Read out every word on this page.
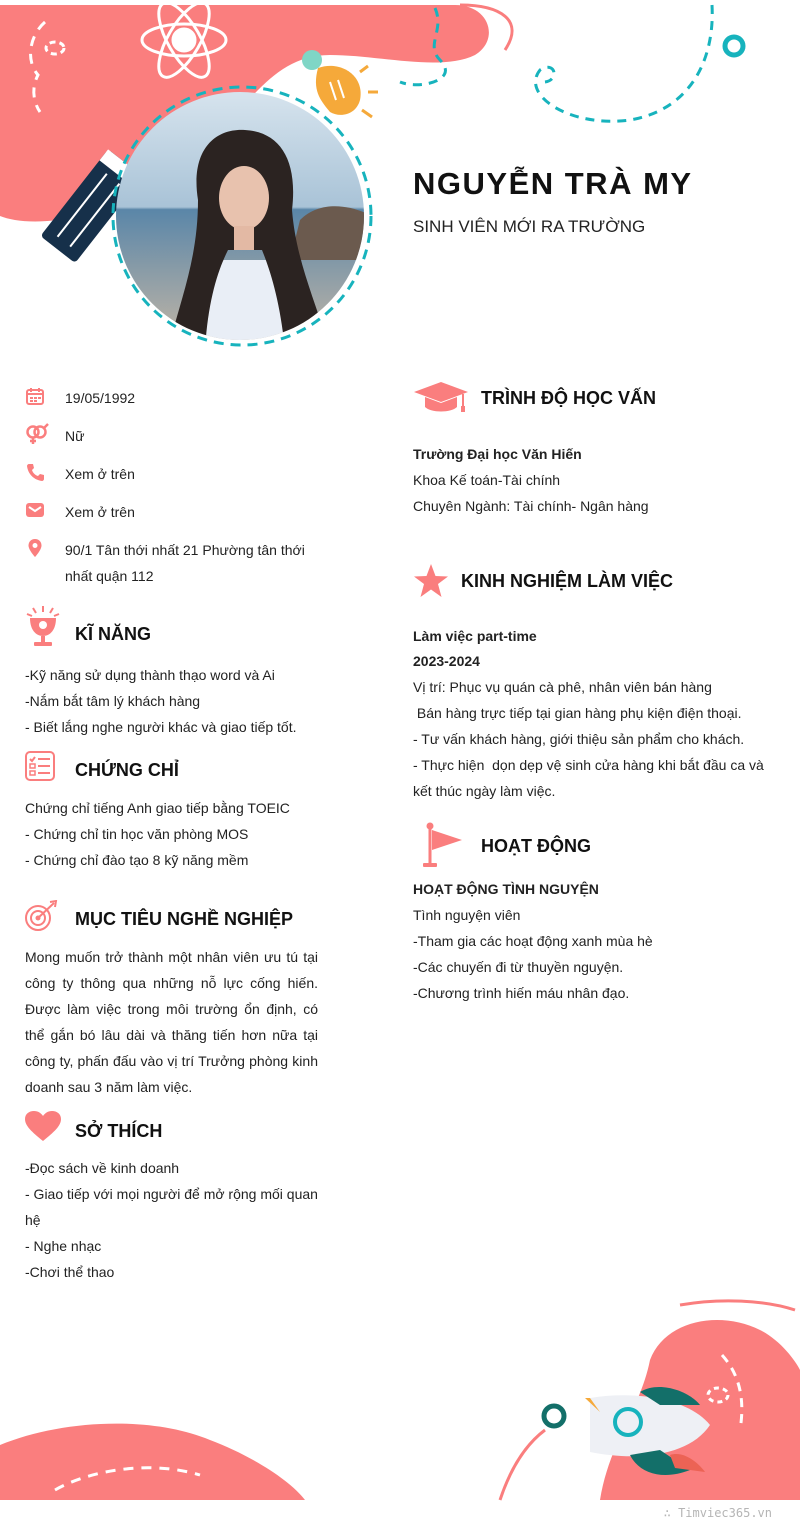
NGUYỄN TRÀ MY
SINH VIÊN MỚI RA TRƯỜNG
19/05/1992
Nữ
Xem ở trên
Xem ở trên
90/1 Tân thới nhất 21 Phường tân thới nhất quận 112
KĨ NĂNG
-Kỹ năng sử dụng thành thạo word và Ai
-Nắm bắt tâm lý khách hàng
- Biết lắng nghe người khác và giao tiếp tốt.
CHỨNG CHỈ
Chứng chỉ tiếng Anh giao tiếp bằng TOEIC
- Chứng chỉ tin học văn phòng MOS
- Chứng chỉ đào tạo 8 kỹ năng mềm
MỤC TIÊU NGHỀ NGHIỆP
Mong muốn trở thành một nhân viên ưu tú tại công ty thông qua những nỗ lực cống hiến. Được làm việc trong môi trường ổn định, có thể gắn bó lâu dài và thăng tiến hơn nữa tại công ty, phấn đấu vào vị trí Trưởng phòng kinh doanh sau 3 năm làm việc.
SỞ THÍCH
-Đọc sách về kinh doanh
- Giao tiếp với mọi người để mở rộng mối quan hệ
- Nghe nhạc
-Chơi thể thao
TRÌNH ĐỘ HỌC VẤN
Trường Đại học Văn Hiến
Khoa Kế toán-Tài chính
Chuyên Ngành: Tài chính- Ngân hàng
KINH NGHIỆM LÀM VIỆC
Làm việc part-time
2023-2024
Vị trí: Phục vụ quán cà phê, nhân viên bán hàng
Bán hàng trực tiếp tại gian hàng phụ kiện điện thoại.
- Tư vấn khách hàng, giới thiệu sản phẩm cho khách.
- Thực hiện  dọn dẹp vệ sinh cửa hàng khi bắt đầu ca và kết thúc ngày làm việc.
HOẠT ĐỘNG
HOẠT ĐỘNG TÌNH NGUYỆN
Tình nguyện viên
-Tham gia các hoạt động xanh mùa hè
-Các chuyến đi từ thuyền nguyện.
-Chương trình hiến máu nhân đạo.
∴ Timviec365.vn
